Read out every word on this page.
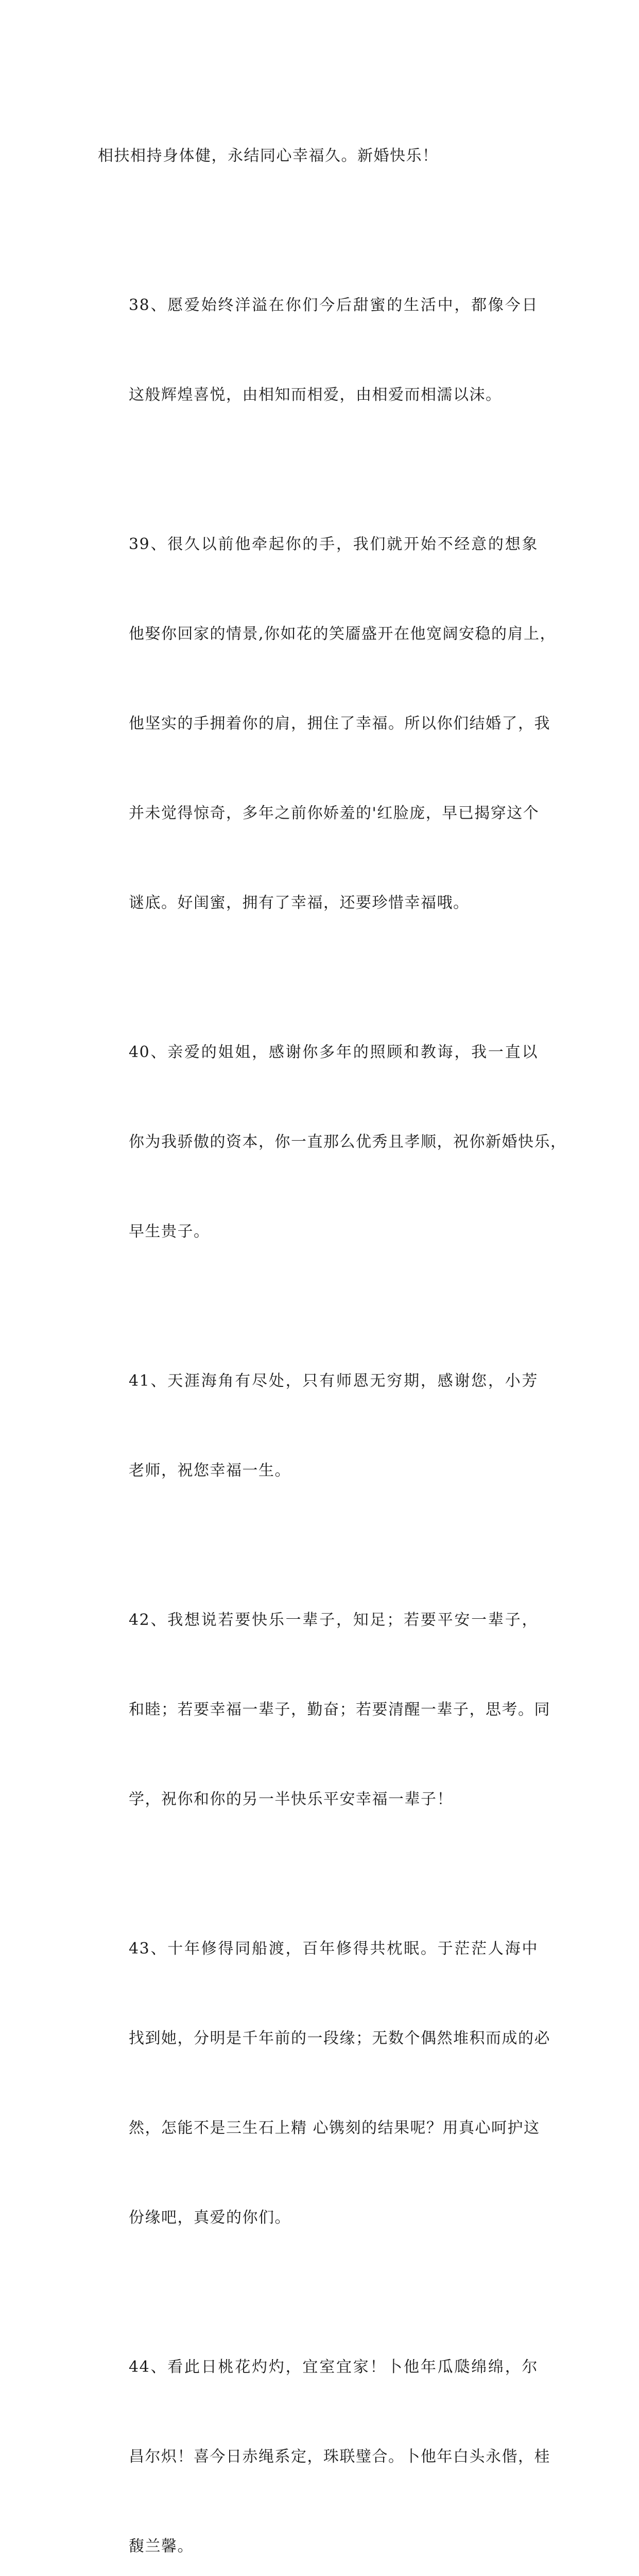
相扶相持身体健，永结同心幸福久。新婚快乐！

38、愿爱始终洋溢在你们今后甜蜜的生活中，都像今日

这般辉煌喜悦，由相知而相爱，由相爱而相濡以沫。

39、很久以前他牵起你的手，我们就开始不经意的想象

他娶你回家的情景,你如花的笑靥盛开在他宽阔安稳的肩上，

他坚实的手拥着你的肩，拥住了幸福。所以你们结婚了，我

并未觉得惊奇，多年之前你娇羞的'红脸庞，早已揭穿这个

谜底。好闺蜜，拥有了幸福，还要珍惜幸福哦。

40、亲爱的姐姐，感谢你多年的照顾和教诲，我一直以

你为我骄傲的资本，你一直那么优秀且孝顺，祝你新婚快乐，

早生贵子。

41、天涯海角有尽处，只有师恩无穷期，感谢您，小芳

老师，祝您幸福一生。

42、我想说若要快乐一辈子，知足；若要平安一辈子，

和睦；若要幸福一辈子，勤奋；若要清醒一辈子，思考。同

学，祝你和你的另一半快乐平安幸福一辈子！

43、十年修得同船渡，百年修得共枕眠。于茫茫人海中

找到她，分明是千年前的一段缘；无数个偶然堆积而成的必

然，怎能不是三生石上精 心镌刻的结果呢？用真心呵护这

份缘吧，真爱的你们。

44、看此日桃花灼灼，宜室宜家！卜他年瓜瓞绵绵，尔

昌尔炽！喜今日赤绳系定，珠联璧合。卜他年白头永偕，桂

馥兰馨。
